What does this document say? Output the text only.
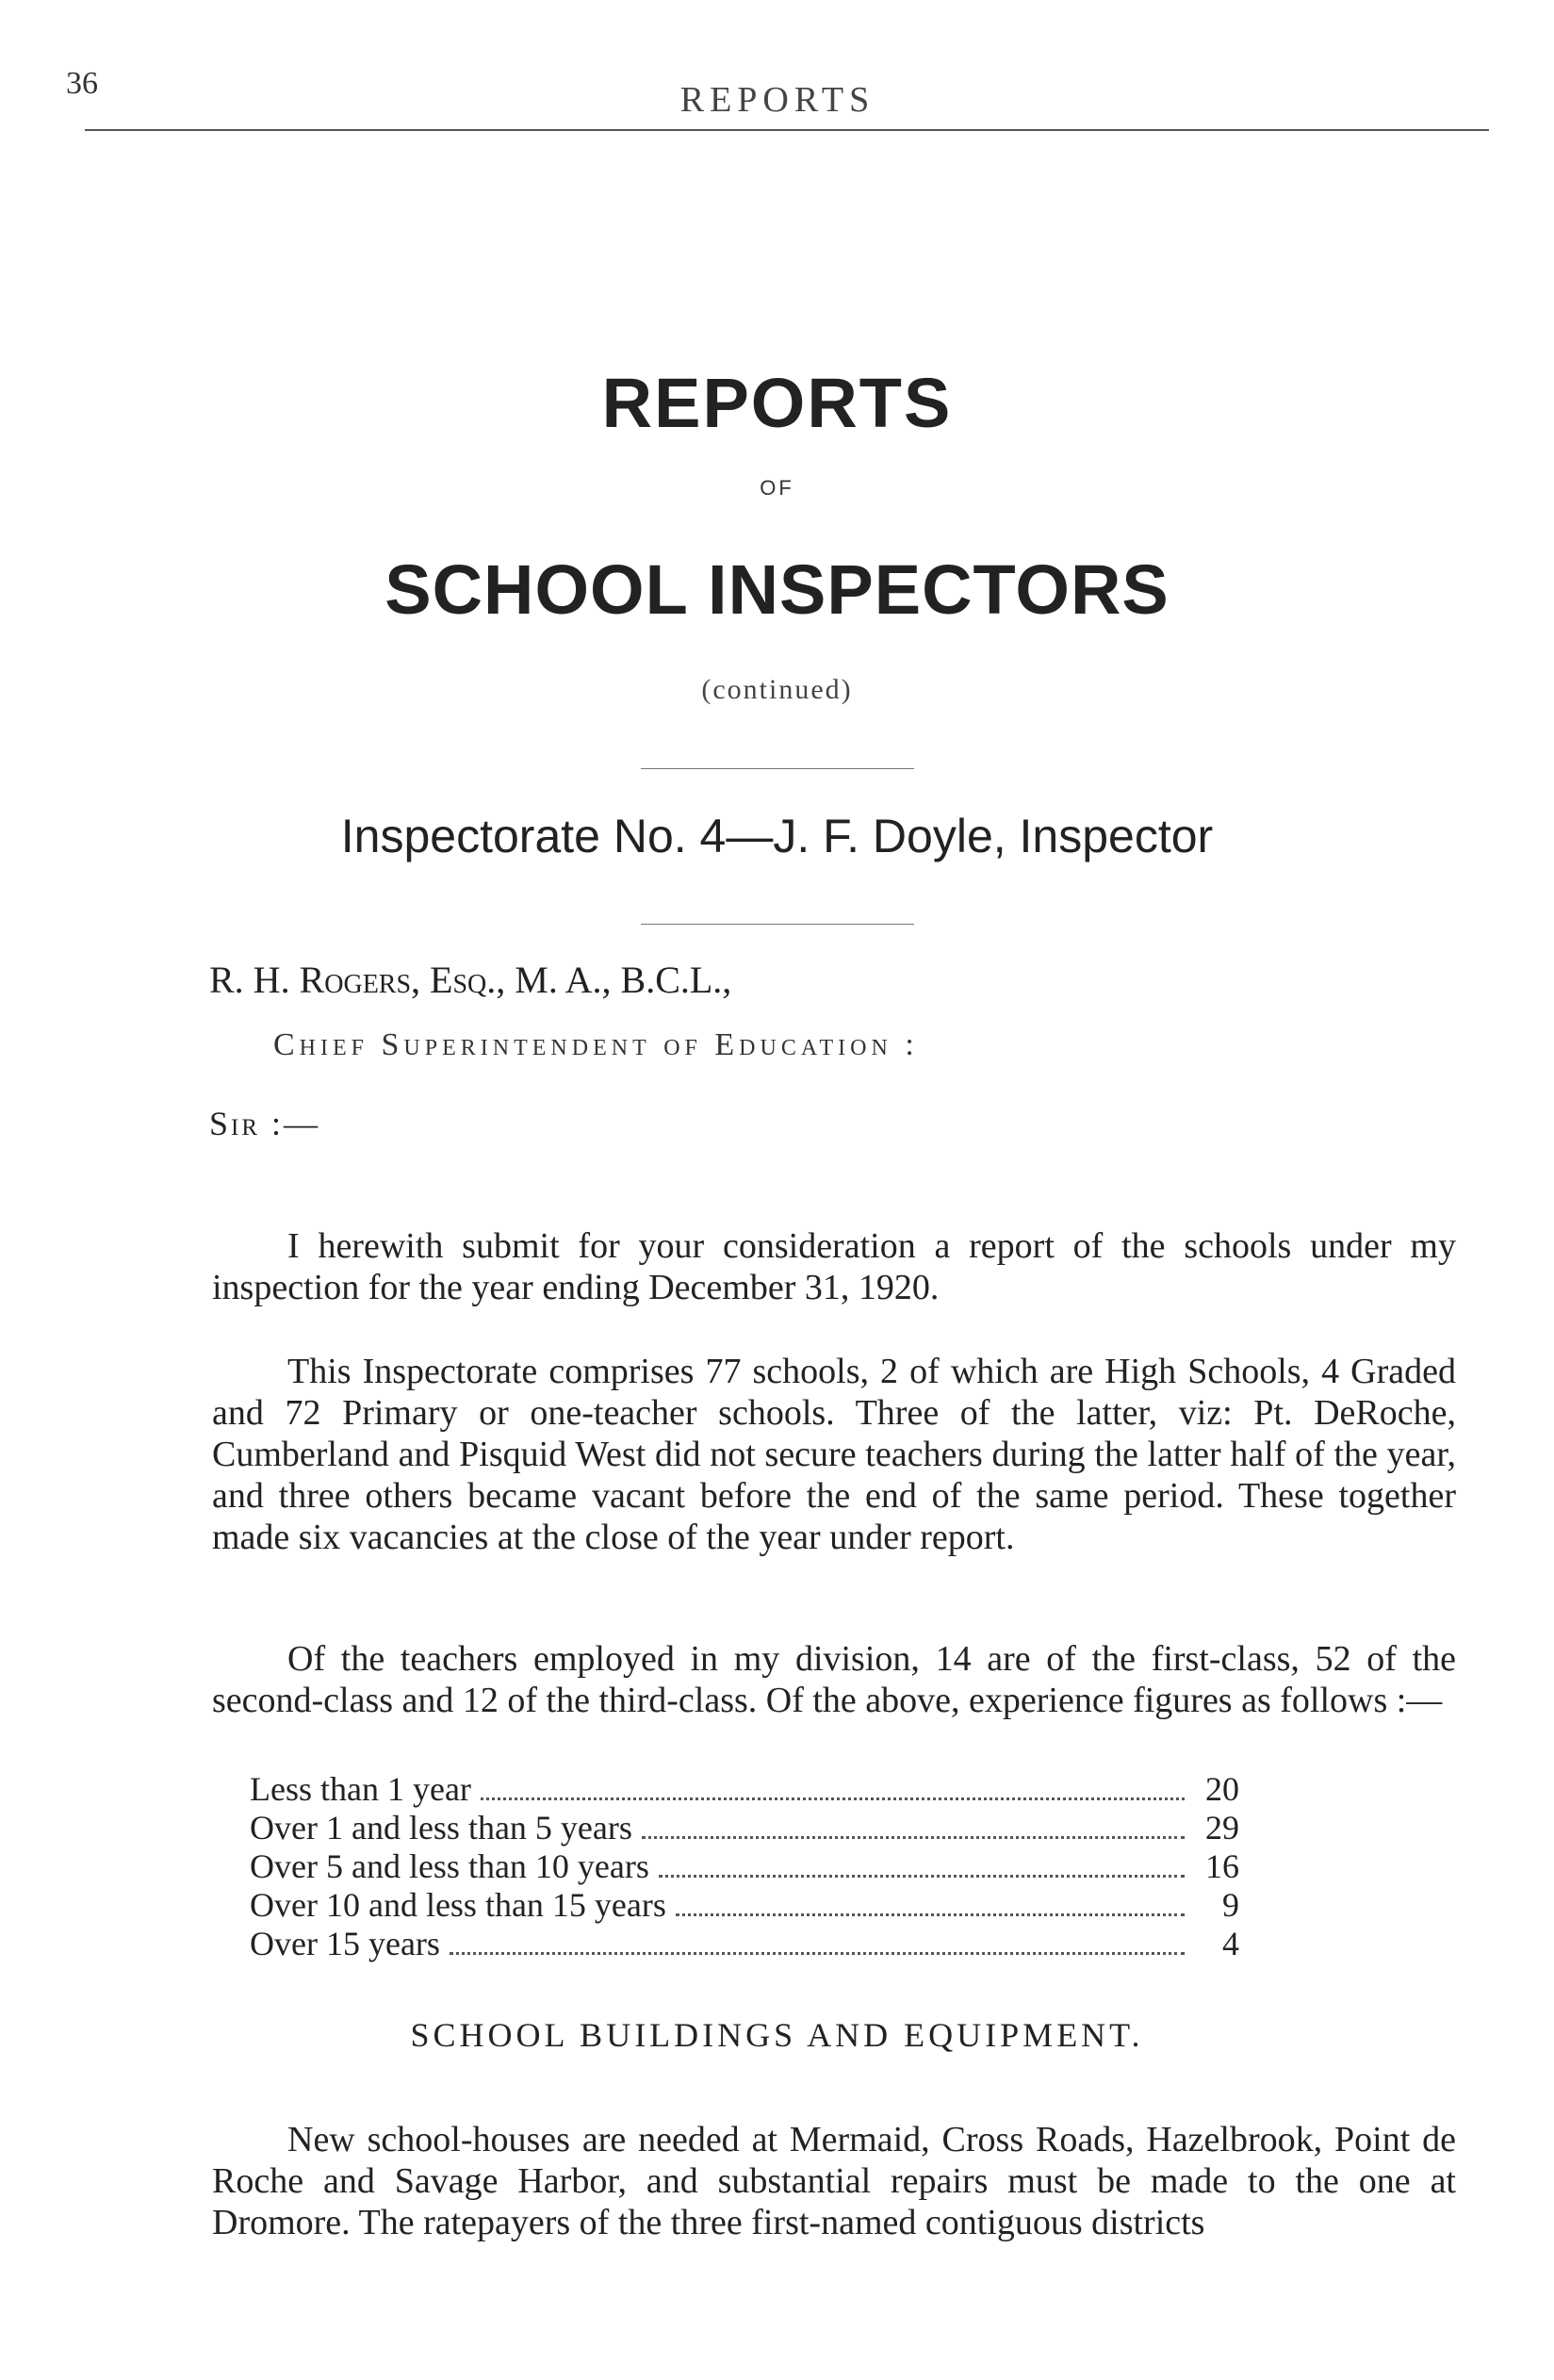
36	REPORTS
REPORTS
OF
SCHOOL INSPECTORS
(continued)
Inspectorate No. 4—J. F. Doyle, Inspector
R. H. Rogers, Esq., M. A., B.C.L.,
Chief Superintendent of Education :
Sir :—

I herewith submit for your consideration a report of the schools under my inspection for the year ending December 31, 1920.

This Inspectorate comprises 77 schools, 2 of which are High Schools, 4 Graded and 72 Primary or one-teacher schools. Three of the latter, viz: Pt. DeRoche, Cumberland and Pisquid West did not secure teachers during the latter half of the year, and three others became vacant before the end of the same period. These together made six vacancies at the close of the year under report.

Of the teachers employed in my division, 14 are of the first-class, 52 of the second-class and 12 of the third-class. Of the above, experience figures as follows :—

Less than 1 year	20
Over 1 and less than 5 years	29
Over 5 and less than 10 years	16
Over 10 and less than 15 years	9
Over 15 years	4
SCHOOL BUILDINGS AND EQUIPMENT.

New school-houses are needed at Mermaid, Cross Roads, Hazelbrook, Point de Roche and Savage Harbor, and substantial repairs must be made to the one at Dromore. The ratepayers of the three first-named contiguous districts
